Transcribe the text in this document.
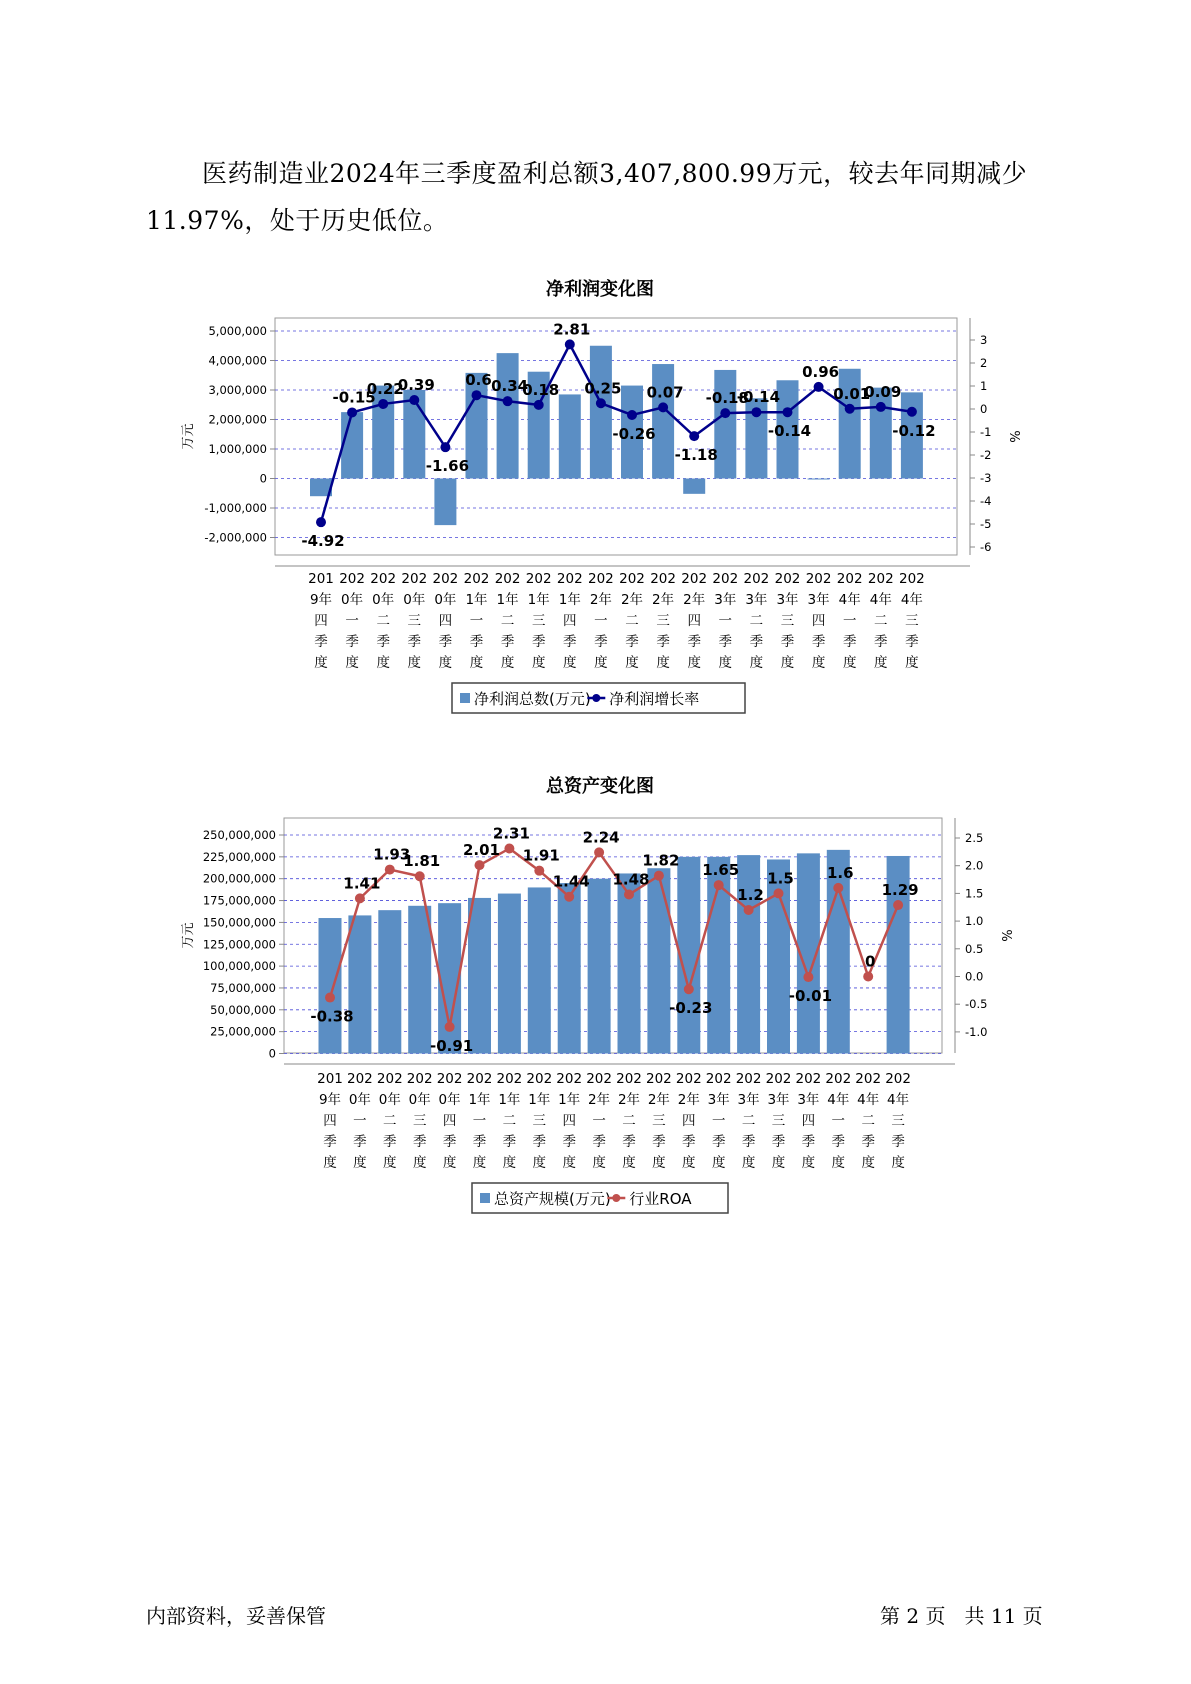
医药制造业2024年三季度盈利总额3,407,800.99万元，较去年同期减少11.97%，处于历史低位。

净利润变化图
5,000,000
4,000,000
3,000,000
2,000,000
1,000,000
0
-1,000,000
-2,000,000
3
2
1
0
-1
-2
-3
-4
-5
-6
万元	%
-4.92
-0.15
0.22
0.39
-1.66
0.6 0.34
0.18
2.81
0.25
-0.26
0.07
-1.18
-0.18
-0.14
-0.14
0.96
0.01
0.09
-0.12
201
9年
四
季
度
202
0年
一
季
度
202
0年
二
季
度
202
0年
三
季
度
202
0年
四
季
度
202
1年
一
季
度
202
1年
二
季
度
202
1年
三
季
度
202
1年
四
季
度
202
2年
一
季
度
202
2年
二
季
度
202
2年
三
季
度
202
2年
四
季
度
202
3年
一
季
度
202
3年
二
季
度
202
3年
三
季
度
202
3年
四
季
度
202
4年
一
季
度
202
4年
二
季
度
202
4年
三
季
度
净利润总数(万元) 净利润增长率
总资产变化图
250,000,000
225,000,000
200,000,000
175,000,000
150,000,000
125,000,000
100,000,000
75,000,000
50,000,000
25,000,000
0
2.5
2.0
1.5
1.0
0.5
0.0
-0.5
-1.0
万元	%
-0.38
1.41
1.93
1.81
-0.91
2.01
2.31
1.91
1.44
2.24
1.48
1.82
-0.23
1.65
1.2
1.5
-0.01
1.6
0
1.29
201
9年
四
季
度
202
0年
一
季
度
202
0年
二
季
度
202
0年
三
季
度
202
0年
四
季
度
202
1年
一
季
度
202
1年
二
季
度
202
1年
三
季
度
202
1年
四
季
度
202
2年
一
季
度
202
2年
二
季
度
202
2年
三
季
度
202
2年
四
季
度
202
3年
一
季
度
202
3年
二
季
度
202
3年
三
季
度
202
3年
四
季
度
202
4年
一
季
度
202
4年
二
季
度
202
4年
三
季
度
总资产规模(万元) 行业ROA
内部资料，妥善保管	第 2 页   共 11 页
